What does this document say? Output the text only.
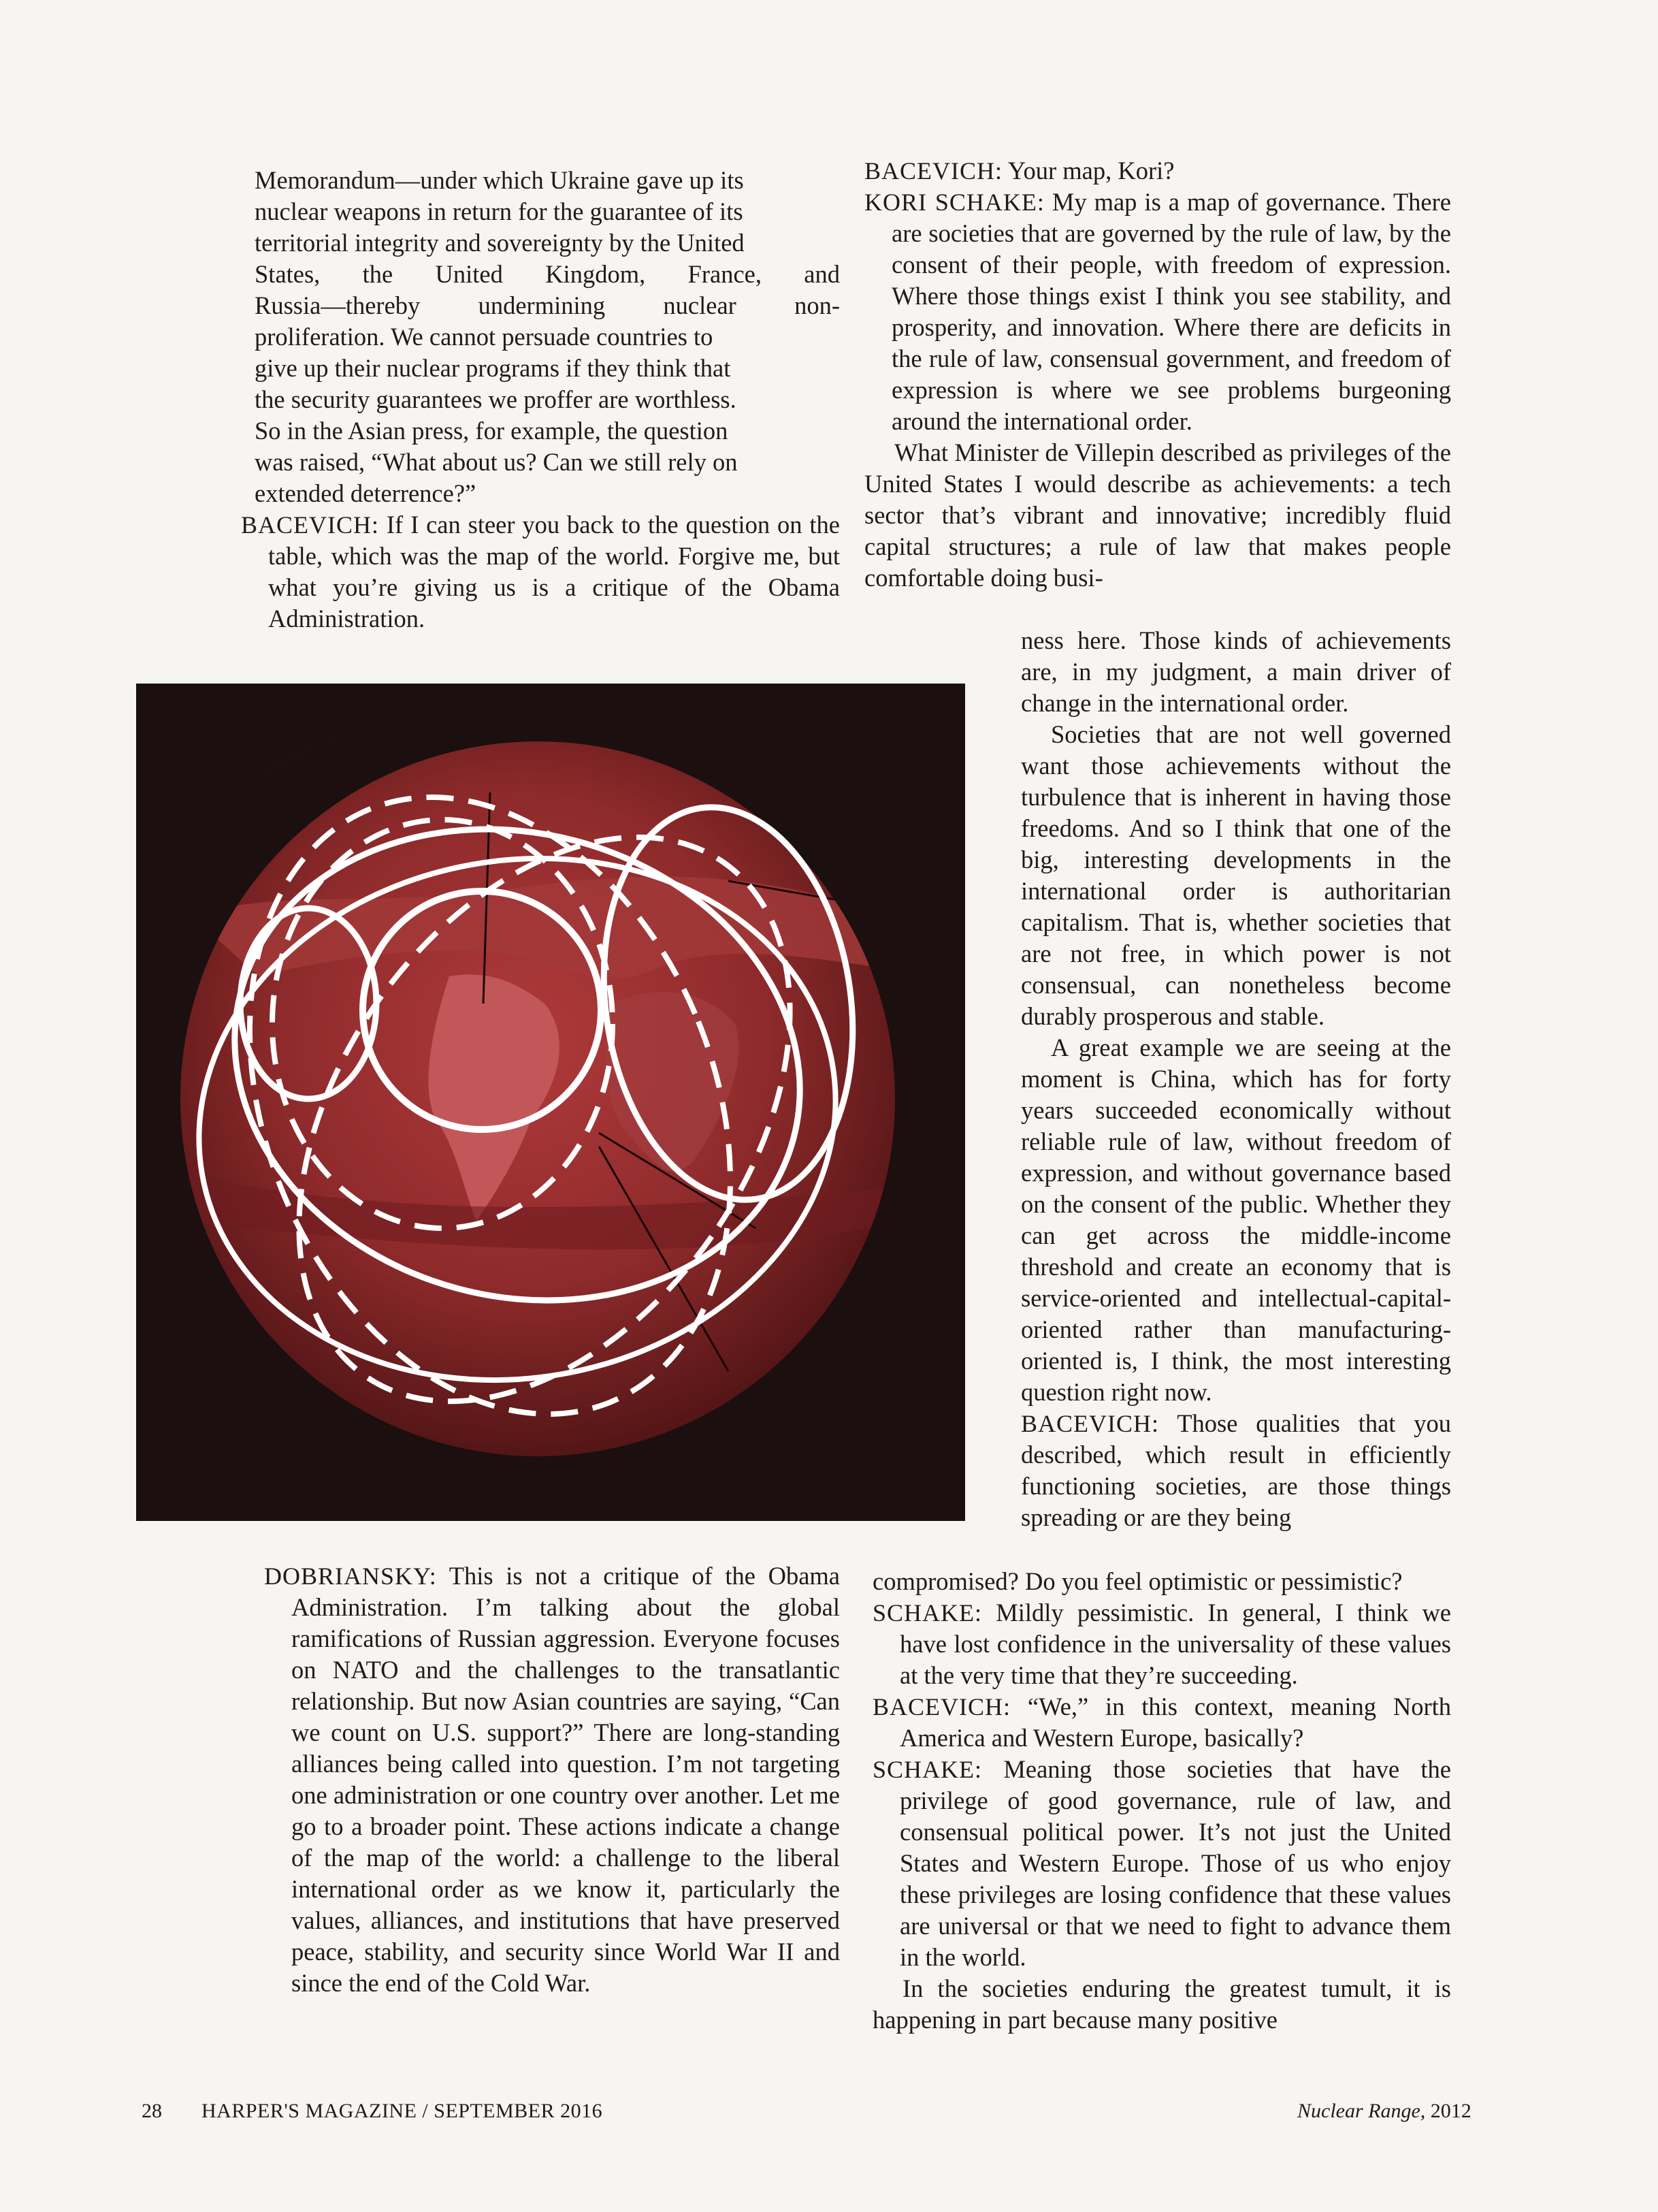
Memorandum—under which Ukraine gave up its

nuclear weapons in return for the guarantee of its

territorial integrity and sovereignty by the United

States, the United Kingdom, France, and

Russia—thereby undermining nuclear non-

proliferation. We cannot persuade countries to

give up their nuclear programs if they think that

the security guarantees we proffer are worthless.

So in the Asian press, for example, the question

was raised, “What about us? Can we still rely on

extended deterrence?”

BACEVICH: If I can steer you back to the question on the table, which was the map of the world. Forgive me, but what you’re giving us is a critique of the Obama Administration.

DOBRIANSKY: This is not a critique of the Obama Administration. I’m talking about the global ramifications of Russian aggression. Everyone focuses on NATO and the challenges to the transatlantic relationship. But now Asian countries are saying, “Can we count on U.S. support?” There are long-standing alliances being called into question. I’m not targeting one administration or one country over another. Let me go to a broader point. These actions indicate a change of the map of the world: a challenge to the liberal international order as we know it, particularly the values, alliances, and institutions that have preserved peace, stability, and security since World War II and since the end of the Cold War.

BACEVICH: Your map, Kori?

KORI SCHAKE: My map is a map of governance. There are societies that are governed by the rule of law, by the consent of their people, with freedom of expression. Where those things exist I think you see stability, and prosperity, and innovation. Where there are deficits in the rule of law, consensual government, and freedom of expression is where we see problems burgeoning around the international order.

What Minister de Villepin described as privileges of the United States I would describe as achievements: a tech sector that’s vibrant and innovative; incredibly fluid capital structures; a rule of law that makes people comfortable doing busi-

ness here. Those kinds of achievements are, in my judgment, a main driver of change in the international order.

Societies that are not well governed want those achievements without the turbulence that is inherent in having those freedoms. And so I think that one of the big, interesting developments in the international order is authoritarian capitalism. That is, whether societies that are not free, in which power is not consensual, can nonetheless become durably prosperous and stable.

A great example we are seeing at the moment is China, which has for forty years succeeded economically without reliable rule of law, without freedom of expression, and without governance based on the consent of the public. Whether they can get across the middle-income threshold and create an economy that is service-oriented and intellectual-capital-oriented rather than manufacturing-oriented is, I think, the most interesting question right now.

BACEVICH: Those qualities that you described, which result in efficiently functioning societies, are those things spreading or are they being

compromised? Do you feel optimistic or pessimistic?

SCHAKE: Mildly pessimistic. In general, I think we have lost confidence in the universality of these values at the very time that they’re succeeding.

BACEVICH: “We,” in this context, meaning North America and Western Europe, basically?

SCHAKE: Meaning those societies that have the privilege of good governance, rule of law, and consensual political power. It’s not just the United States and Western Europe. Those of us who enjoy these privileges are losing confidence that these values are universal or that we need to fight to advance them in the world.

In the societies enduring the greatest tumult, it is happening in part because many positive

28 HARPER'S MAGAZINE / SEPTEMBER 2016	Nuclear Range, 2012
